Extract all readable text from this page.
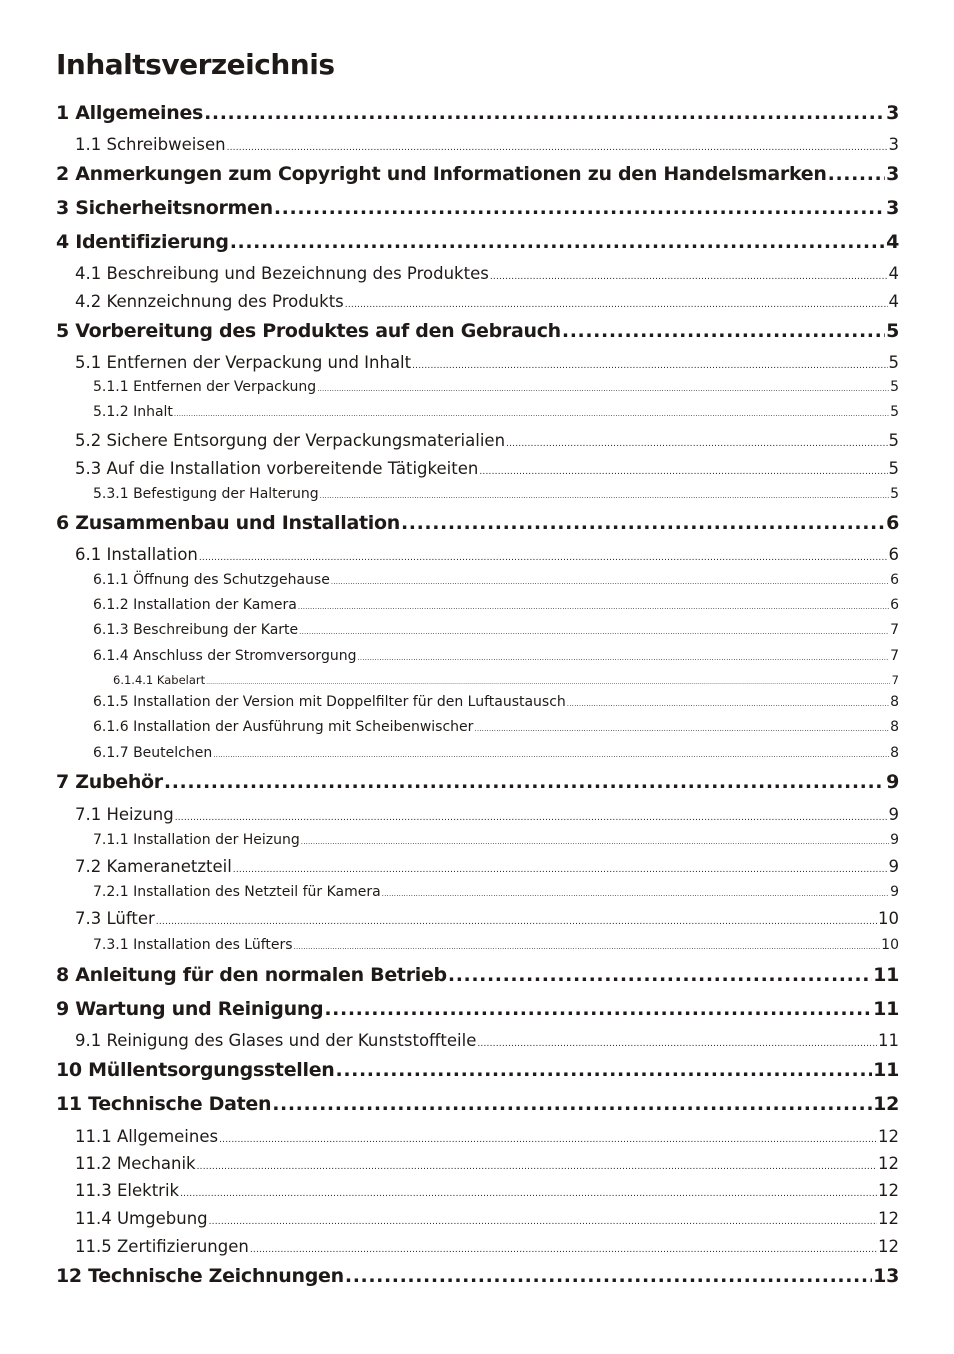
Inhaltsverzeichnis
1 Allgemeines .....	3
1.1 Schreibweisen .....	3
2 Anmerkungen zum Copyright und Informationen zu den Handelsmarken .....	3
3 Sicherheitsnormen .....	3
4 Identifizierung .....	4
4.1 Beschreibung und Bezeichnung des Produktes .....	4
4.2 Kennzeichnung des Produkts .....	4
5 Vorbereitung des Produktes auf den Gebrauch .....	5
5.1 Entfernen der Verpackung und Inhalt .....	5
5.1.1 Entfernen der Verpackung .....	5
5.1.2 Inhalt .....	5
5.2 Sichere Entsorgung der Verpackungsmaterialien .....	5
5.3 Auf die Installation vorbereitende Tätigkeiten .....	5
5.3.1 Befestigung der Halterung .....	5
6 Zusammenbau und Installation .....	6
6.1 Installation .....	6
6.1.1 Öffnung des Schutzgehause .....	6
6.1.2 Installation der Kamera .....	6
6.1.3 Beschreibung der Karte .....	7
6.1.4 Anschluss der Stromversorgung .....	7
6.1.4.1 Kabelart .....	7
6.1.5 Installation der Version mit Doppelfilter für den Luftaustausch .....	8
6.1.6 Installation der Ausführung mit Scheibenwischer .....	8
6.1.7 Beutelchen .....	8
7 Zubehör .....	9
7.1 Heizung .....	9
7.1.1 Installation der Heizung .....	9
7.2 Kameranetzteil .....	9
7.2.1 Installation des Netzteil für Kamera .....	9
7.3 Lüfter .....	10
7.3.1 Installation des Lüfters .....	10
8 Anleitung für den normalen Betrieb .....	11
9 Wartung und Reinigung .....	11
9.1 Reinigung des Glases und der Kunststoffteile .....	11
10 Müllentsorgungsstellen .....	11
11 Technische Daten .....	12
11.1 Allgemeines .....	12
11.2 Mechanik .....	12
11.3 Elektrik .....	12
11.4 Umgebung .....	12
11.5 Zertifizierungen .....	12
12 Technische Zeichnungen .....	13
